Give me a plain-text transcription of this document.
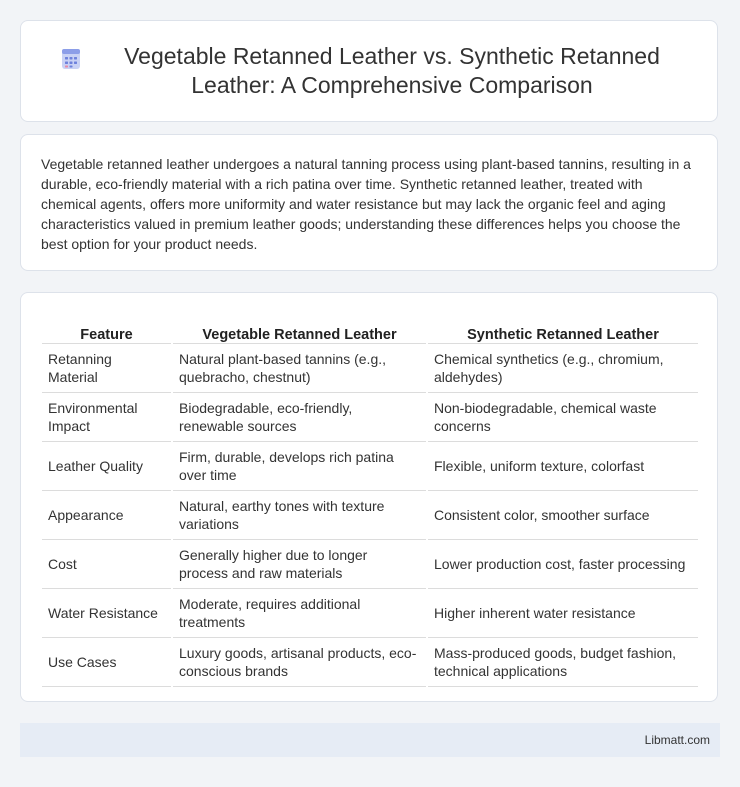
Vegetable Retanned Leather vs. Synthetic Retanned Leather: A Comprehensive Comparison

Vegetable retanned leather undergoes a natural tanning process using plant-based tannins, resulting in a durable, eco-friendly material with a rich patina over time. Synthetic retanned leather, treated with chemical agents, offers more uniformity and water resistance but may lack the organic feel and aging characteristics valued in premium leather goods; understanding these differences helps you choose the best option for your product needs.

Feature	Vegetable Retanned Leather	Synthetic Retanned Leather
Retanning Material	Natural plant-based tannins (e.g., quebracho, chestnut)	Chemical synthetics (e.g., chromium, aldehydes)
Environmental Impact	Biodegradable, eco-friendly, renewable sources	Non-biodegradable, chemical waste concerns
Leather Quality	Firm, durable, develops rich patina over time	Flexible, uniform texture, colorfast
Appearance	Natural, earthy tones with texture variations	Consistent color, smoother surface
Cost	Generally higher due to longer process and raw materials	Lower production cost, faster processing
Water Resistance	Moderate, requires additional treatments	Higher inherent water resistance
Use Cases	Luxury goods, artisanal products, eco-conscious brands	Mass-produced goods, budget fashion, technical applications
Libmatt.com
